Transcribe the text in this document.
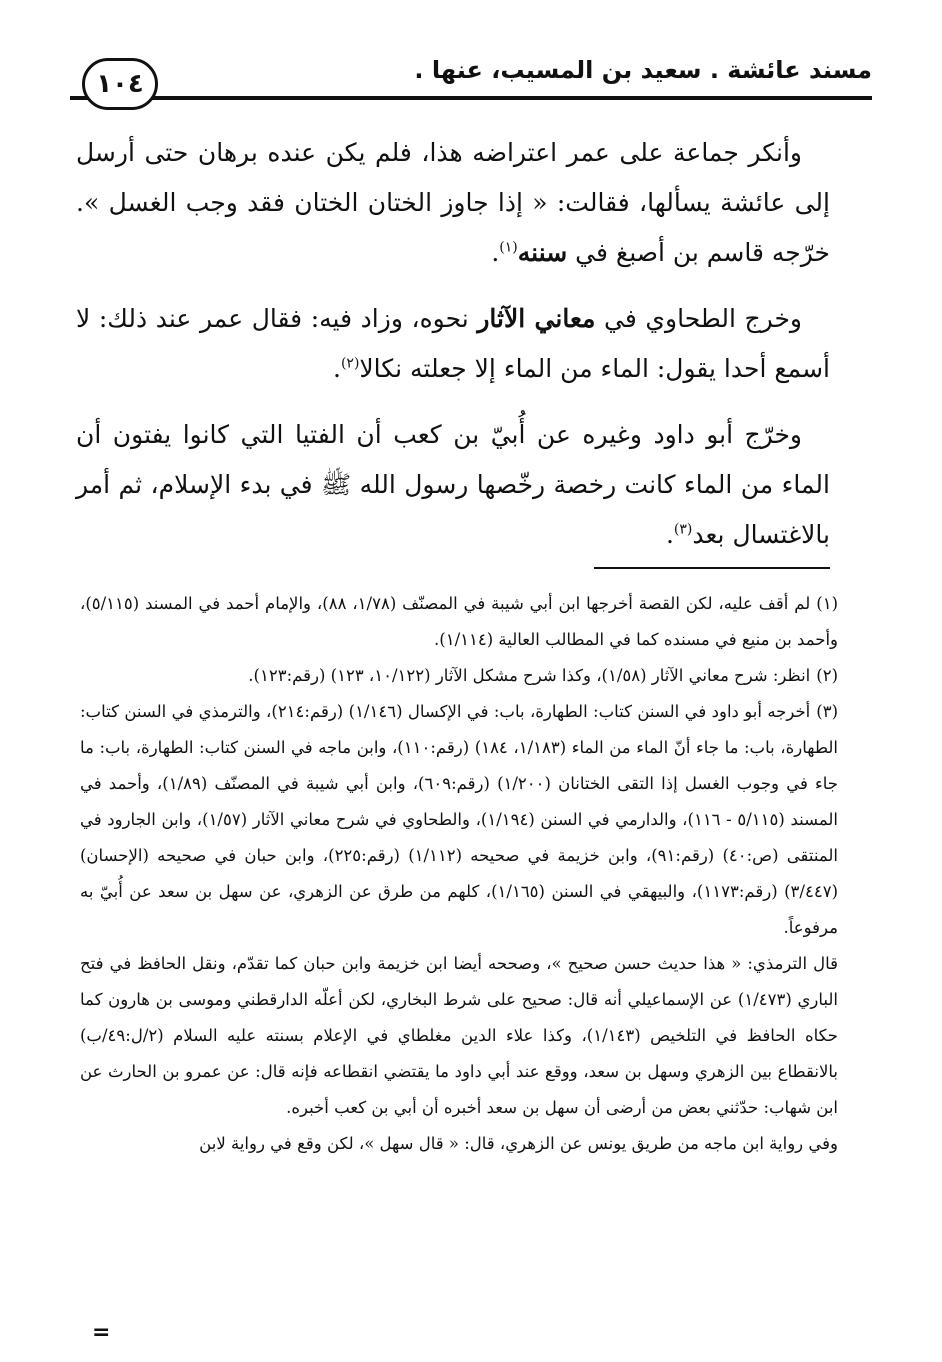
مسند عائشة . سعيد بن المسيب، عنها .
١٠٤

وأنكر جماعة على عمر اعتراضه هذا، فلم يكن عنده برهان حتى أرسل إلى عائشة يسألها، فقالت: « إذا جاوز الختان الختان فقد وجب الغسل ». خرّجه قاسم بن أصبغ في سننه$^{(١)}$.

وخرج الطحاوي في معاني الآثار نحوه، وزاد فيه: فقال عمر عند ذلك: لا أسمع أحدا يقول: الماء من الماء إلا جعلته نكالا$^{(٢)}$.

وخرّج أبو داود وغيره عن أُبيّ بن كعب أن الفتيا التي كانوا يفتون أن الماء من الماء كانت رخصة رخّصها رسول الله ﷺ في بدء الإسلام، ثم أمر بالاغتسال بعد$^{(٣)}$.

(١)لم أقف عليه، لكن القصة أخرجها ابن أبي شيبة في المصنّف (١/٧٨، ٨٨)، والإمام أحمد في المسند (٥/١١٥)، وأحمد بن منيع في مسنده كما في المطالب العالية (١/١١٤).

(٢)انظر: شرح معاني الآثار (١/٥٨)، وكذا شرح مشكل الآثار (١٠/١٢٢، ١٢٣) (رقم:١٢٣).

(٣)أخرجه أبو داود في السنن كتاب: الطهارة، باب: في الإكسال (١/١٤٦) (رقم:٢١٤)، والترمذي في السنن كتاب: الطهارة، باب: ما جاء أنّ الماء من الماء (١/١٨٣، ١٨٤) (رقم:١١٠)، وابن ماجه في السنن كتاب: الطهارة، باب: ما جاء في وجوب الغسل إذا التقى الختانان (١/٢٠٠) (رقم:٦٠٩)، وابن أبي شيبة في المصنّف (١/٨٩)، وأحمد في المسند (٥/١١٥ - ١١٦)، والدارمي في السنن (١/١٩٤)، والطحاوي في شرح معاني الآثار (١/٥٧)، وابن الجارود في المنتقى (ص:٤٠) (رقم:٩١)، وابن خزيمة في صحيحه (١/١١٢) (رقم:٢٢٥)، وابن حبان في صحيحه (الإحسان) (٣/٤٤٧) (رقم:١١٧٣)، والبيهقي في السنن (١/١٦٥)، كلهم من طرق عن الزهري، عن سهل بن سعد عن أُبيّ به مرفوعاً.

قال الترمذي: « هذا حديث حسن صحيح »، وصححه أيضا ابن خزيمة وابن حبان كما تقدّم، ونقل الحافظ في فتح الباري (١/٤٧٣) عن الإسماعيلي أنه قال: صحيح على شرط البخاري، لكن أعلّه الدارقطني وموسى بن هارون كما حكاه الحافظ في التلخيص (١/١٤٣)، وكذا علاء الدين مغلطاي في الإعلام بسنته عليه السلام (٢/ل:٤٩/ب) بالانقطاع بين الزهري وسهل بن سعد، ووقع عند أبي داود ما يقتضي انقطاعه فإنه قال: عن عمرو بن الحارث عن ابن شهاب: حدّثني بعض من أرضى أن سهل بن سعد أخبره أن أبي بن كعب أخبره.

وفي رواية ابن ماجه من طريق يونس عن الزهري، قال: « قال سهل »، لكن وقع في رواية لابن

=
